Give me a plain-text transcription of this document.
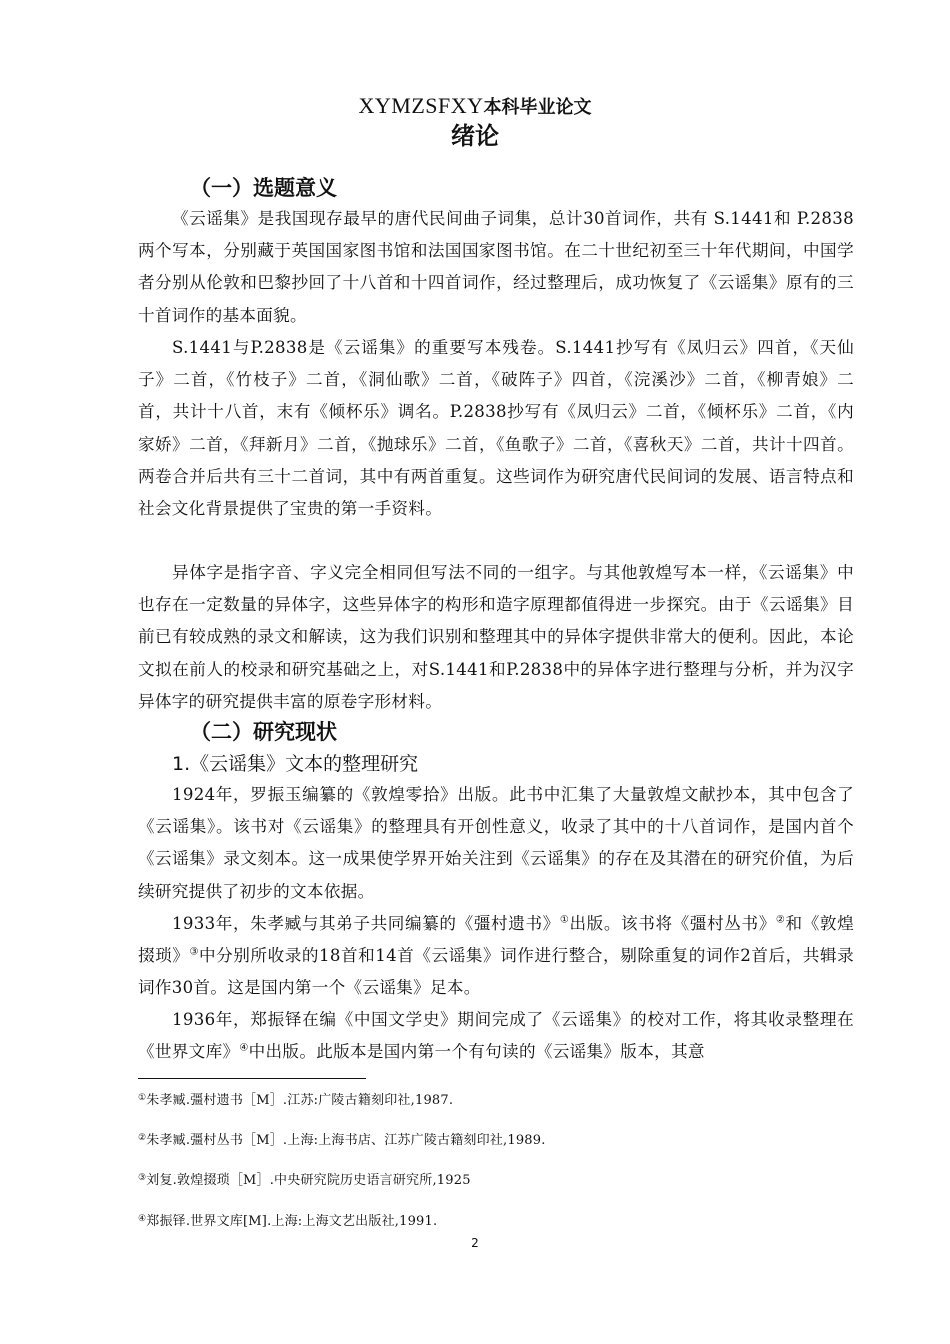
XYMZSFXY本科毕业论文
绪论
（一）选题意义

《云谣集》是我国现存最早的唐代民间曲子词集，总计30首词作，共有 S.1441和 P.2838两个写本，分别藏于英国国家图书馆和法国国家图书馆。在二十世纪初至三十年代期间，中国学者分别从伦敦和巴黎抄回了十八首和十四首词作，经过整理后，成功恢复了《云谣集》原有的三十首词作的基本面貌。

S.1441与P.2838是《云谣集》的重要写本残卷。S.1441抄写有《凤归云》四首，《天仙子》二首，《竹枝子》二首，《洞仙歌》二首，《破阵子》四首，《浣溪沙》二首，《柳青娘》二首，共计十八首，末有《倾杯乐》调名。P.2838抄写有《凤归云》二首，《倾杯乐》二首，《内家娇》二首，《拜新月》二首，《抛球乐》二首，《鱼歌子》二首，《喜秋天》二首，共计十四首。两卷合并后共有三十二首词，其中有两首重复。这些词作为研究唐代民间词的发展、语言特点和社会文化背景提供了宝贵的第一手资料。

异体字是指字音、字义完全相同但写法不同的一组字。与其他敦煌写本一样，《云谣集》中也存在一定数量的异体字，这些异体字的构形和造字原理都值得进一步探究。由于《云谣集》目前已有较成熟的录文和解读，这为我们识别和整理其中的异体字提供非常大的便利。因此，本论文拟在前人的校录和研究基础之上，对S.1441和P.2838中的异体字进行整理与分析，并为汉字异体字的研究提供丰富的原卷字形材料。

（二）研究现状
1.《云谣集》文本的整理研究

1924年，罗振玉编纂的《敦煌零拾》出版。此书中汇集了大量敦煌文献抄本，其中包含了《云谣集》。该书对《云谣集》的整理具有开创性意义，收录了其中的十八首词作，是国内首个《云谣集》录文刻本。这一成果使学界开始关注到《云谣集》的存在及其潜在的研究价值，为后续研究提供了初步的文本依据。

1933年，朱孝臧与其弟子共同编纂的《彊村遗书》①出版。该书将《彊村丛书》②和《敦煌掇琐》③中分别所收录的18首和14首《云谣集》词作进行整合，剔除重复的词作2首后，共辑录词作30首。这是国内第一个《云谣集》足本。

1936年，郑振铎在编《中国文学史》期间完成了《云谣集》的校对工作，将其收录整理在《世界文库》④中出版。此版本是国内第一个有句读的《云谣集》版本，其意

①朱孝臧.彊村遗书［M］.江苏:广陵古籍刻印社,1987.
②朱孝臧.彊村丛书［M］.上海:上海书店、江苏广陵古籍刻印社,1989.
③刘复.敦煌掇琐［M］.中央研究院历史语言研究所,1925
④郑振铎.世界文库[M].上海:上海文艺出版社,1991.
2
